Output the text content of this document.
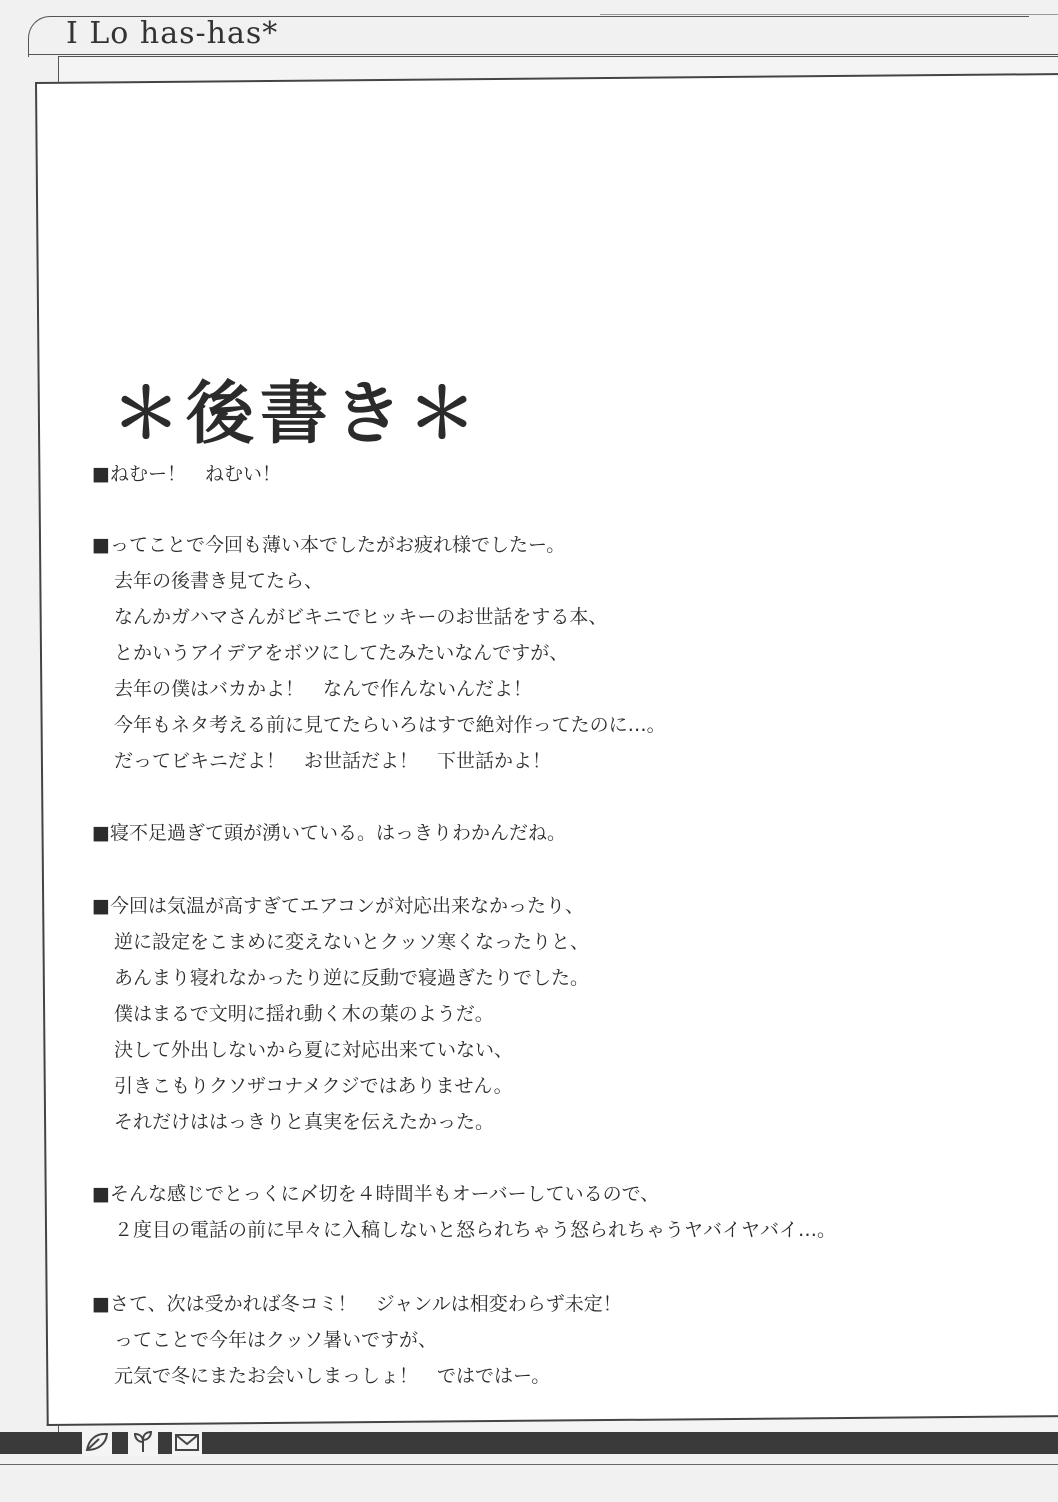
I Lo has-has*
＊後書き＊
■ねむー！　ねむい！
■ってことで今回も薄い本でしたがお疲れ様でしたー。
去年の後書き見てたら、
なんかガハマさんがビキニでヒッキーのお世話をする本、
とかいうアイデアをボツにしてたみたいなんですが、
去年の僕はバカかよ！　なんで作んないんだよ！
今年もネタ考える前に見てたらいろはすで絶対作ってたのに…。
だってビキニだよ！　お世話だよ！　下世話かよ！
■寝不足過ぎて頭が湧いている。はっきりわかんだね。
■今回は気温が高すぎてエアコンが対応出来なかったり、
逆に設定をこまめに変えないとクッソ寒くなったりと、
あんまり寝れなかったり逆に反動で寝過ぎたりでした。
僕はまるで文明に揺れ動く木の葉のようだ。
決して外出しないから夏に対応出来ていない、
引きこもりクソザコナメクジではありません。
それだけははっきりと真実を伝えたかった。
■そんな感じでとっくに〆切を４時間半もオーバーしているので、
２度目の電話の前に早々に入稿しないと怒られちゃう怒られちゃうヤバイヤバイ…。
■さて、次は受かれば冬コミ！　ジャンルは相変わらず未定！
ってことで今年はクッソ暑いですが、
元気で冬にまたお会いしまっしょ！　ではではー。
